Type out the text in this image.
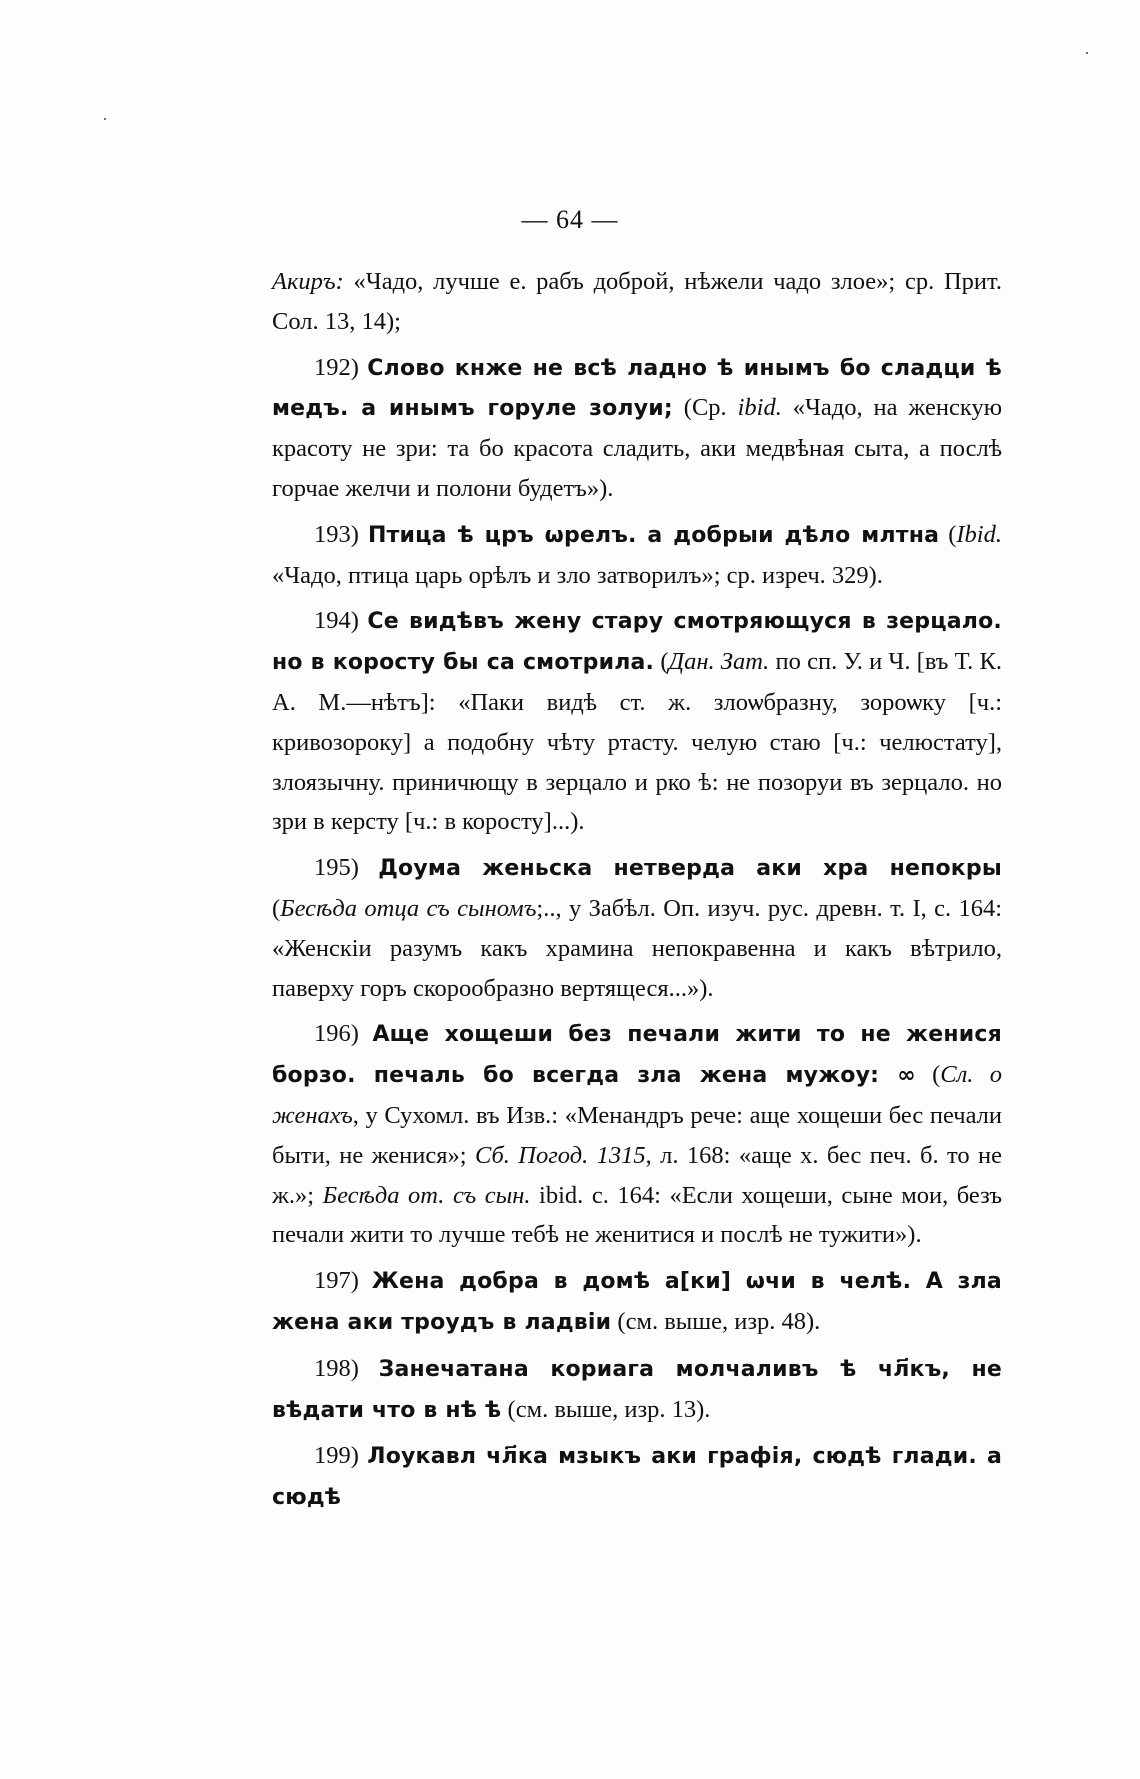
— 64 —

Акиръ: «Чадо, лучше е. рабъ доброй, нѣжели чадо злое»; ср. Прит. Сол. 13, 14);

192) Слово кнже не всѣ ладно ѣ инымъ бо сладци ѣ медъ. а инымъ горуле золуи; (Ср. ibid. «Чадо, на женскую красоту не зри: та бо красота сладить, аки медвѣная сыта, а послѣ горчае желчи и полони будетъ»).

193) Птица ѣ цръ ѡрелъ. а добрыи дѣло млтна (Ibid. «Чадо, птица царь орѣлъ и зло затворилъ»; ср. изреч. 329).

194) Се видѣвъ жену стару смотряющуся в зерцало. но в коросту бы са смотрила. (Дан. Зат. по сп. У. и Ч. [въ Т. К. А. М.—нѣтъ]: «Паки видѣ ст. ж. злоѡбразну, зороѡку [ч.: кривозороку] а подобну чѣту ртасту. челую стаю [ч.: челюстату], злоязычну. приничющу в зерцало и рко ѣ: не позоруи въ зерцало. но зри в керсту [ч.: в коросту]...).

195) Доума женьска нетверда аки хра непокры (Бесѣда отца съ сыномъ;.., у Забѣл. Оп. изуч. рус. древн. т. I, с. 164: «Женскiи разумъ какъ храмина непокравенна и какъ вѣтрило, паверху горъ скорообразно вертящеся...»).

196) Аще хощеши без печали жити то не женися борзо. печаль бо всегда зла жена мужоу: ∞ (Сл. о женахъ, у Сухомл. въ Изв.: «Менандръ рече: аще хощеши бес печали быти, не женися»; Сб. Погод. 1315, л. 168: «аще х. бес печ. б. то не ж.»; Бесѣда от. съ сын. ibid. с. 164: «Если хощеши, сыне мои, безъ печали жити то лучше тебѣ не женитися и послѣ не тужити»).

197) Жена добра в домѣ а[ки] ѡчи в челѣ. А зла жена аки троудъ в ладвiи (см. выше, изр. 48).

198) Занечатана кориага молчаливъ ѣ чл҃къ, не вѣдати что в нѣ ѣ (см. выше, изр. 13).

199) Лоукавл чл҃ка мзыкъ аки графiя, сюдѣ глади. а сюдѣ
